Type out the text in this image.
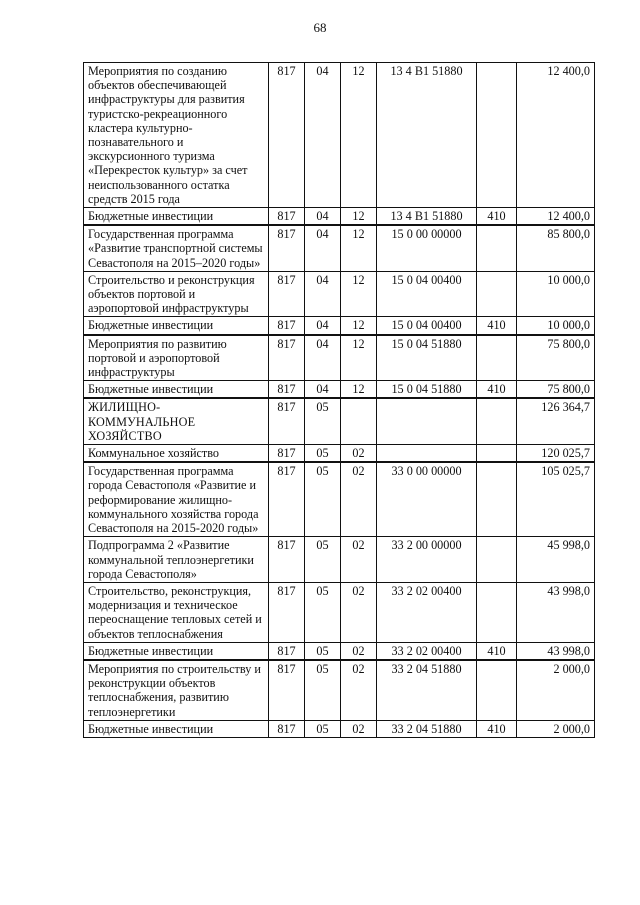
68
Мероприятия по созданию объектов обеспечивающей инфраструктуры для развития туристско-рекреационного кластера культурно-познавательного и экскурсионного туризма «Перекресток культур» за счет неиспользованного остатка средств 2015 года	817	04	12	13 4 В1 51880		12 400,0
Бюджетные инвестиции	817	04	12	13 4 В1 51880	410	12 400,0
Государственная программа «Развитие транспортной системы Севастополя на 2015–2020 годы»	817	04	12	15 0 00 00000		85 800,0
Строительство и реконструкция объектов портовой и аэропортовой инфраструктуры	817	04	12	15 0 04 00400		10 000,0
Бюджетные инвестиции	817	04	12	15 0 04 00400	410	10 000,0
Мероприятия по развитию портовой и аэропортовой инфраструктуры	817	04	12	15 0 04 51880		75 800,0
Бюджетные инвестиции	817	04	12	15 0 04 51880	410	75 800,0
ЖИЛИЩНО-КОММУНАЛЬНОЕ ХОЗЯЙСТВО	817	05				126 364,7
Коммунальное хозяйство	817	05	02			120 025,7
Государственная программа города Севастополя «Развитие и реформирование жилищно-коммунального хозяйства города Севастополя на 2015-2020 годы»	817	05	02	33 0 00 00000		105 025,7
Подпрограмма 2 «Развитие коммунальной теплоэнергетики города Севастополя»	817	05	02	33 2 00 00000		45 998,0
Строительство, реконструкция, модернизация и техническое переоснащение тепловых сетей и объектов теплоснабжения	817	05	02	33 2 02 00400		43 998,0
Бюджетные инвестиции	817	05	02	33 2 02 00400	410	43 998,0
Мероприятия по строительству и реконструкции объектов теплоснабжения, развитию теплоэнергетики	817	05	02	33 2 04 51880		2 000,0
Бюджетные инвестиции	817	05	02	33 2 04 51880	410	2 000,0
